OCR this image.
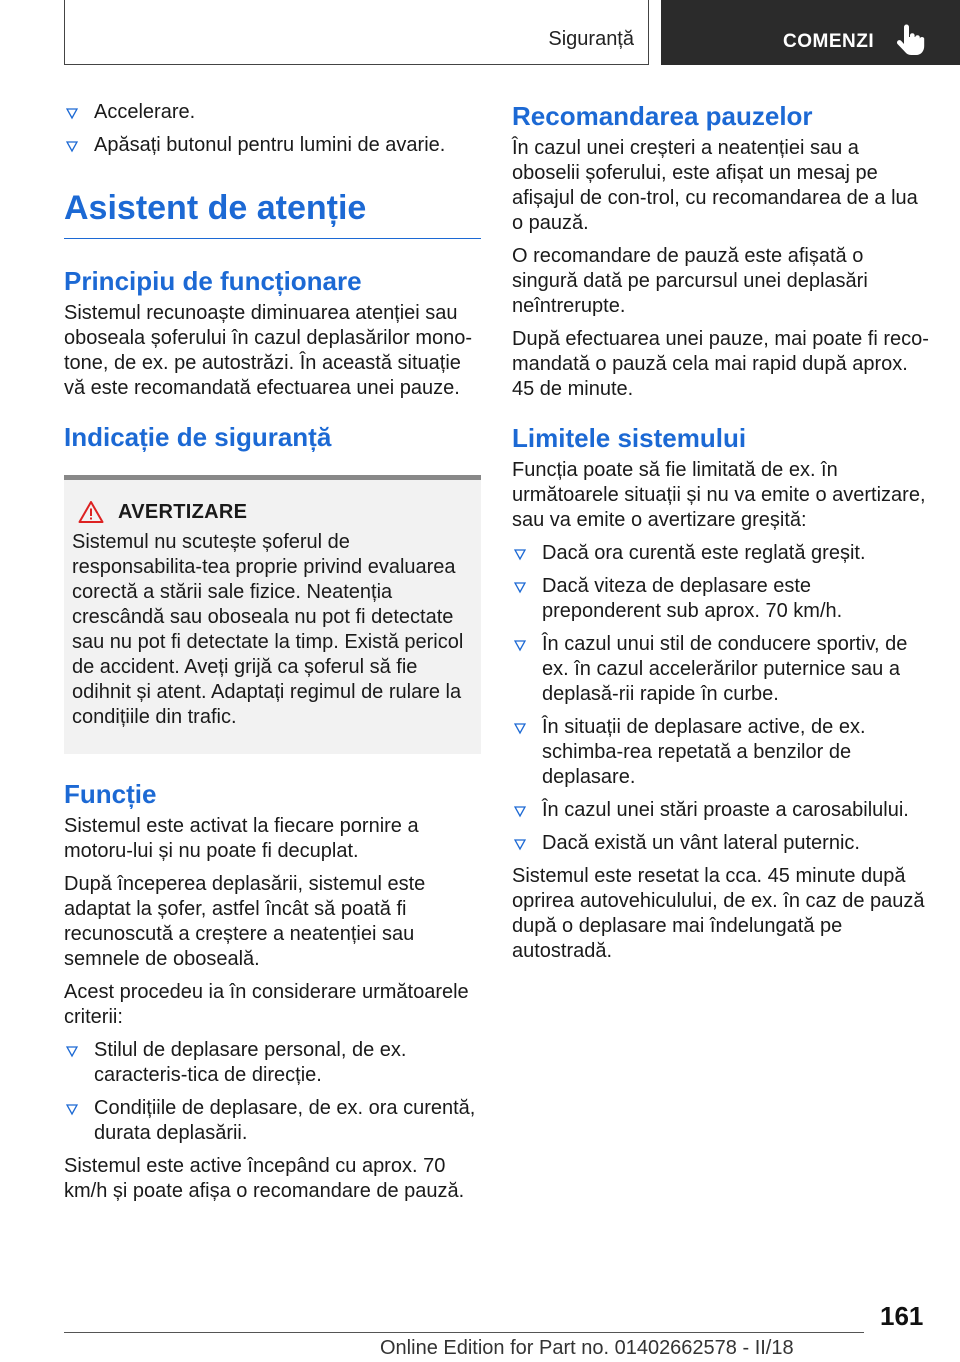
Siguranță	COMENZI
Accelerare.
Apăsați butonul pentru lumini de avarie.
Asistent de atenție
Principiu de funcționare

Sistemul recunoaște diminuarea atenției sau oboseala șoferului în cazul deplasărilor mono-tone, de ex. pe autostrăzi. În această situație vă este recomandată efectuarea unei pauze.

Indicație de siguranță
AVERTIZARE

Sistemul nu scutește șoferul de responsabilita-tea proprie privind evaluarea corectă a stării sale fizice. Neatenția crescândă sau oboseala nu pot fi detectate sau nu pot fi detectate la timp. Există pericol de accident. Aveți grijă ca șoferul să fie odihnit și atent. Adaptați regimul de rulare la condițiile din trafic.

Funcție

Sistemul este activat la fiecare pornire a motoru-lui și nu poate fi decuplat.

După începerea deplasării, sistemul este adaptat la șofer, astfel încât să poată fi recunoscută a creștere a neatenției sau semnele de oboseală.

Acest procedeu ia în considerare următoarele criterii:

Stilul de deplasare personal, de ex. caracteris-tica de direcție.
Condițiile de deplasare, de ex. ora curentă, durata deplasării.

Sistemul este active începând cu aprox. 70 km/h și poate afișa o recomandare de pauză.

Recomandarea pauzelor

În cazul unei creșteri a neatenției sau a oboselii șoferului, este afișat un mesaj pe afișajul de con-trol, cu recomandarea de a lua o pauză.

O recomandare de pauză este afișată o singură dată pe parcursul unei deplasări neîntrerupte.

După efectuarea unei pauze, mai poate fi reco-mandată o pauză cela mai rapid după aprox. 45 de minute.

Limitele sistemului

Funcția poate să fie limitată de ex. în următoarele situații și nu va emite o avertizare, sau va emite o avertizare greșită:

Dacă ora curentă este reglată greșit.
Dacă viteza de deplasare este preponderent sub aprox. 70 km/h.
În cazul unui stil de conducere sportiv, de ex. în cazul accelerărilor puternice sau a deplasă-rii rapide în curbe.
În situații de deplasare active, de ex. schimba-rea repetată a benzilor de deplasare.
În cazul unei stări proaste a carosabilului.
Dacă există un vânt lateral puternic.

Sistemul este resetat la cca. 45 minute după oprirea autovehiculului, de ex. în caz de pauză după o deplasare mai îndelungată pe autostradă.

161
Online Edition for Part no. 01402662578 - II/18
